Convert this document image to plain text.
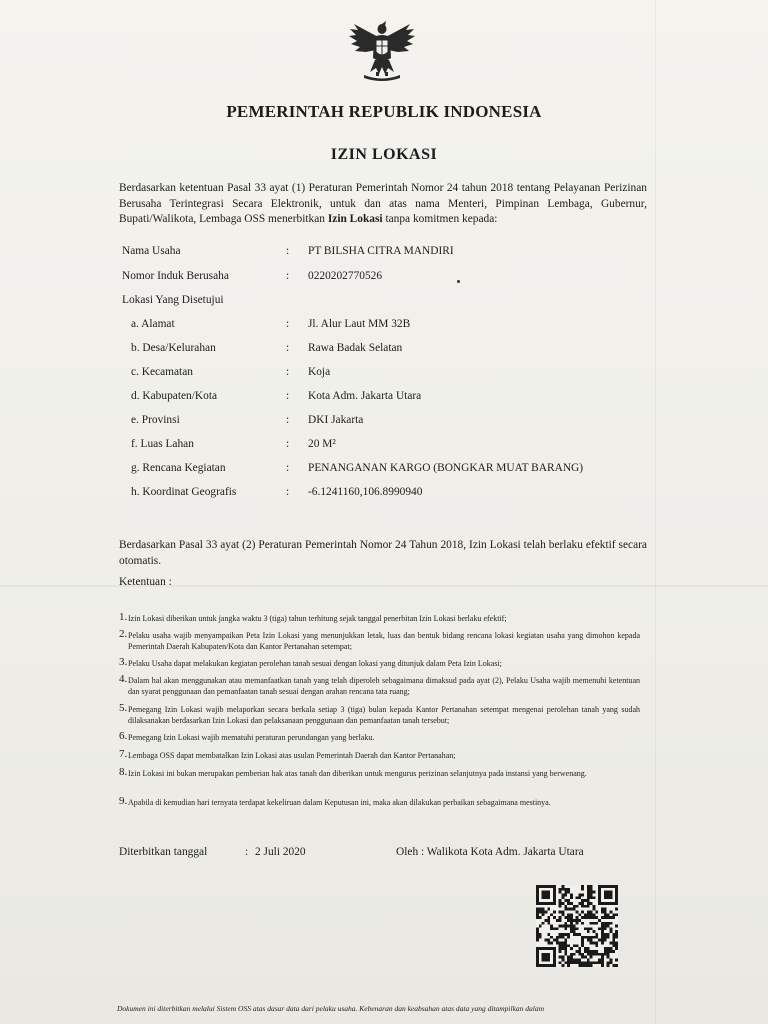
PEMERINTAH REPUBLIK INDONESIA
IZIN LOKASI
Berdasarkan ketentuan Pasal 33 ayat (1) Peraturan Pemerintah Nomor 24 tahun 2018 tentang Pelayanan Perizinan Berusaha Terintegrasi Secara Elektronik, untuk dan atas nama Menteri, Pimpinan Lembaga, Gubernur, Bupati/Walikota, Lembaga OSS menerbitkan Izin Lokasi tanpa komitmen kepada:
Nama Usaha	: PT BILSHA CITRA MANDIRI
Nomor Induk Berusaha	: 0220202770526
Lokasi Yang Disetujui
a. Alamat	: Jl. Alur Laut MM 32B
b. Desa/Kelurahan	: Rawa Badak Selatan
c. Kecamatan	: Koja
d. Kabupaten/Kota	: Kota Adm. Jakarta Utara
e. Provinsi	: DKI Jakarta
f. Luas Lahan	: 20 M²
g. Rencana Kegiatan	: PENANGANAN KARGO (BONGKAR MUAT BARANG)
h. Koordinat Geografis	: -6.1241160,106.8990940
Berdasarkan Pasal 33 ayat (2) Peraturan Pemerintah Nomor 24 Tahun 2018, Izin Lokasi telah berlaku efektif secara otomatis.
Ketentuan :
1. Izin Lokasi diberikan untuk jangka waktu 3 (tiga) tahun terhitung sejak tanggal penerbitan Izin Lokasi berlaku efektif;
2. Pelaku usaha wajib menyampaikan Peta Izin Lokasi yang menunjukkan letak, luas dan bentuk bidang rencana lokasi kegiatan usaha yang dimohon kepada Pemerintah Daerah Kabupaten/Kota dan Kantor Pertanahan setempat;
3. Pelaku Usaha dapat melakukan kegiatan perolehan tanah sesuai dengan lokasi yang ditunjuk dalam Peta Izin Lokasi;
4. Dalam hal akan menggunakan atau memanfaatkan tanah yang telah diperoleh sebagaimana dimaksud pada ayat (2), Pelaku Usaha wajib memenuhi ketentuan dan syarat penggunaan dan pemanfaatan tanah sesuai dengan arahan rencana tata ruang;
5. Pemegang Izin Lokasi wajib melaporkan secara berkala setiap 3 (tiga) bulan kepada Kantor Pertanahan setempat mengenai perolehan tanah yang sudah dilaksanakan berdasarkan Izin Lokasi dan pelaksanaan penggunaan dan pemanfaatan tanah tersebut;
6. Pemegang Izin Lokasi wajib mematuhi peraturan perundangan yang berlaku.
7. Lembaga OSS dapat membatalkan Izin Lokasi atas usulan Pemerintah Daerah dan Kantor Pertanahan;
8. Izin Lokasi ini bukan merupakan pemberian hak atas tanah dan diberikan untuk mengurus perizinan selanjutnya pada instansi yang berwenang.
9. Apabila di kemudian hari ternyata terdapat kekeliruan dalam Keputusan ini, maka akan dilakukan perbaikan sebagaimana mestinya.
Diterbitkan tanggal	: 2 Juli 2020	Oleh : Walikota Kota Adm. Jakarta Utara
Dokumen ini diterbitkan melalui Sistem OSS atas dasar data dari pelaku usaha. Kebenaran dan keabsahan atas data yang ditampilkan dalam
